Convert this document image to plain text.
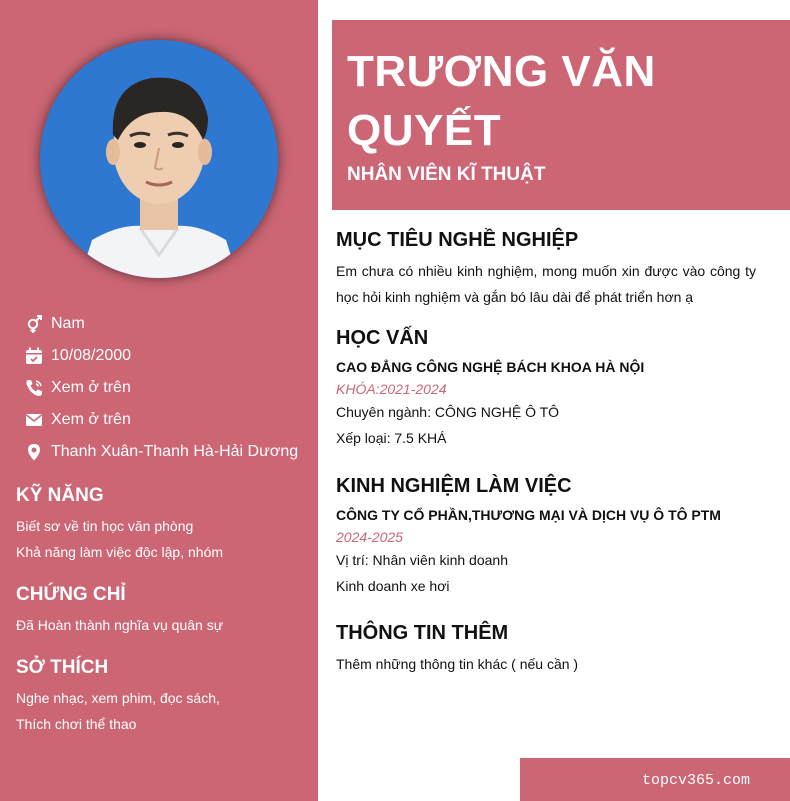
Nam
10/08/2000
Xem ở trên
Xem ở trên
Thanh Xuân-Thanh Hà-Hải Dương
KỸ NĂNG
Biết sơ về tin học văn phòng
Khả năng làm việc độc lập, nhóm
CHỨNG CHỈ
Đã Hoàn thành nghĩa vụ quân sự
SỞ THÍCH
Nghe nhạc, xem phim, đọc sách,
Thích chơi thể thao
TRƯƠNG VĂN QUYẾT
NHÂN VIÊN KĨ THUẬT
MỤC TIÊU NGHỀ NGHIỆP
Em chưa có nhiều kinh nghiệm, mong muốn xin được vào công ty học hỏi kinh nghiệm và gắn bó lâu dài để phát triển hơn ạ
HỌC VẤN
CAO ĐẲNG CÔNG NGHỆ BÁCH KHOA HÀ NỘI
KHÓA:2021-2024
Chuyên ngành: CÔNG NGHỆ Ô TÔ
Xếp loại: 7.5 KHÁ
KINH NGHIỆM LÀM VIỆC
CÔNG TY CỔ PHẦN,THƯƠNG MẠI VÀ DỊCH VỤ Ô TÔ PTM
2024-2025
Vị trí: Nhân viên kinh doanh
Kinh doanh xe hơi
THÔNG TIN THÊM
Thêm những thông tin khác ( nếu cần )
topcv365.com
